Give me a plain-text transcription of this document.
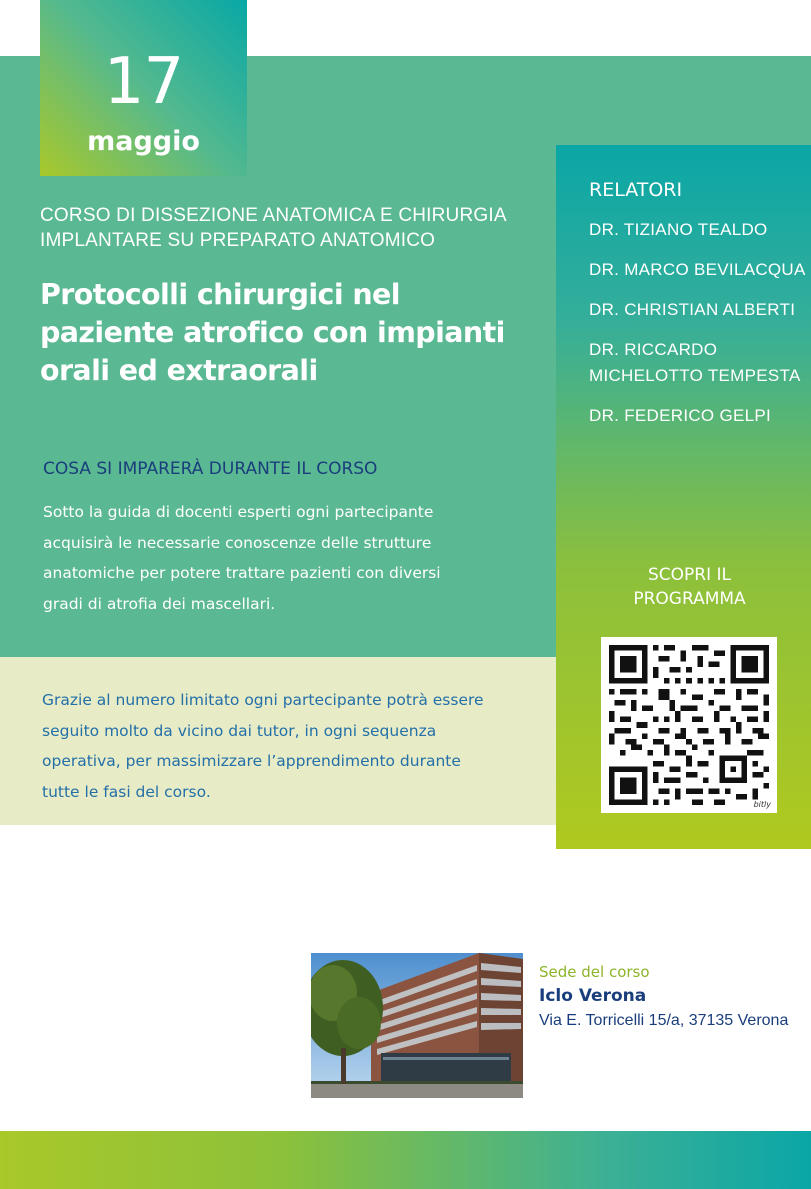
17
maggio
CORSO DI DISSEZIONE ANATOMICA E CHIRURGIA
IMPLANTARE SU PREPARATO ANATOMICO
Protocolli chirurgici nel
paziente atrofico con impianti
orali ed extraorali
COSA SI IMPARERÀ DURANTE IL CORSO
Sotto la guida di docenti esperti ogni partecipante
acquisirà le necessarie conoscenze delle strutture
anatomiche per potere trattare pazienti con diversi
gradi di atrofia dei mascellari.
Grazie al numero limitato ogni partecipante potrà essere
seguito molto da vicino dai tutor, in ogni sequenza
operativa, per massimizzare l’apprendimento durante
tutte le fasi del corso.
RELATORI
DR. TIZIANO TEALDO
DR. MARCO BEVILACQUA
DR. CHRISTIAN ALBERTI
DR. RICCARDO
MICHELOTTO TEMPESTA
DR. FEDERICO GELPI
SCOPRI IL
PROGRAMMA
bitly
Sede del corso
Iclo Verona
Via E. Torricelli 15/a, 37135 Verona
